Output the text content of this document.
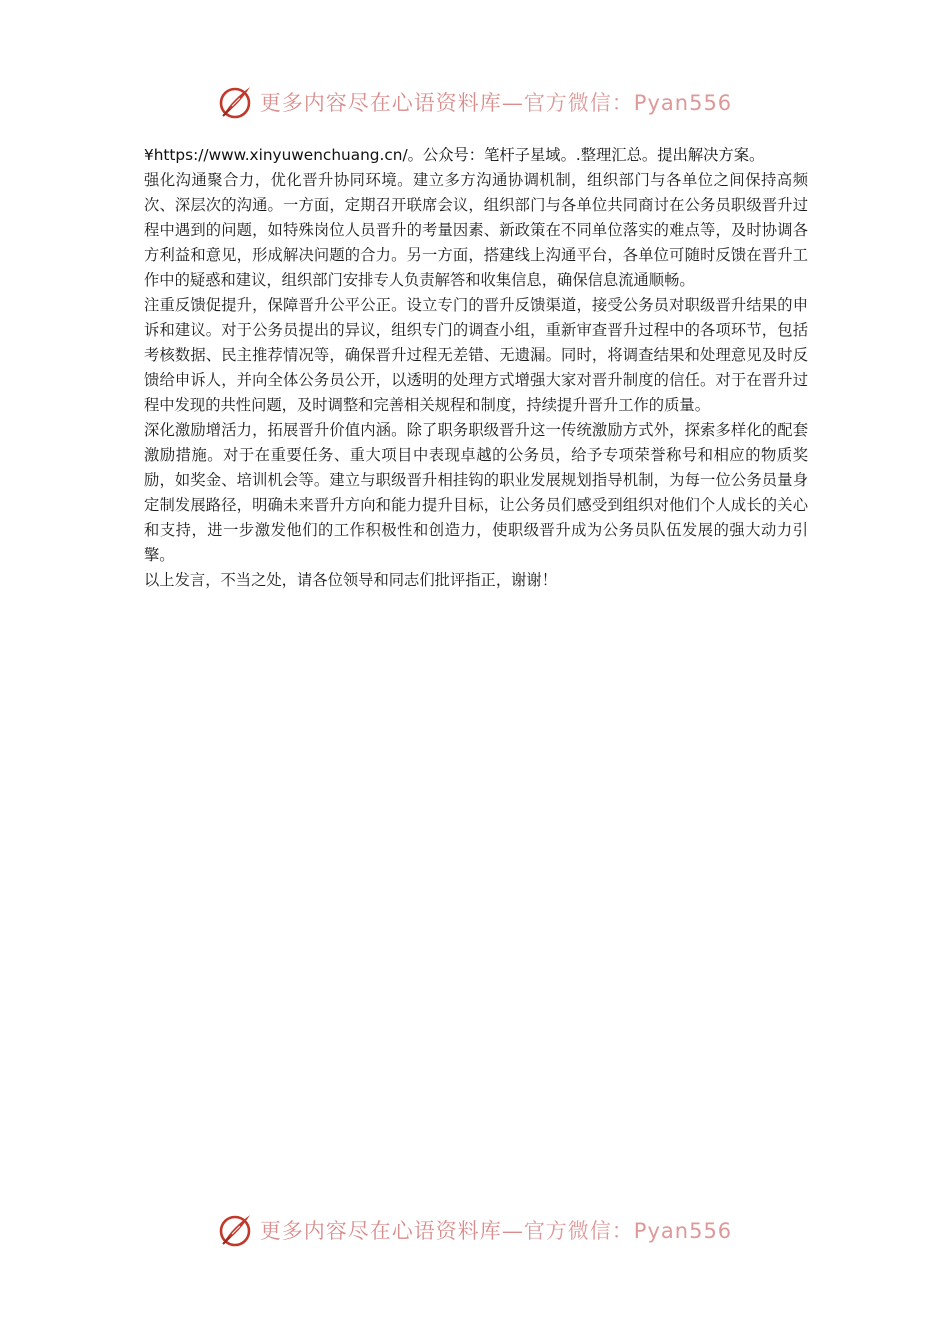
更多内容尽在心语资料库—官方微信：Pyan556

¥https://www.xinyuwenchuang.cn/。公众号：笔杆子星域。.整理汇总。提出解决方案。

强化沟通聚合力，优化晋升协同环境。建立多方沟通协调机制，组织部门与各单位之间保持高频次、深层次的沟通。一方面，定期召开联席会议，组织部门与各单位共同商讨在公务员职级晋升过程中遇到的问题，如特殊岗位人员晋升的考量因素、新政策在不同单位落实的难点等，及时协调各方利益和意见，形成解决问题的合力。另一方面，搭建线上沟通平台，各单位可随时反馈在晋升工作中的疑惑和建议，组织部门安排专人负责解答和收集信息，确保信息流通顺畅。

注重反馈促提升，保障晋升公平公正。设立专门的晋升反馈渠道，接受公务员对职级晋升结果的申诉和建议。对于公务员提出的异议，组织专门的调查小组，重新审查晋升过程中的各项环节，包括考核数据、民主推荐情况等，确保晋升过程无差错、无遗漏。同时，将调查结果和处理意见及时反馈给申诉人，并向全体公务员公开，以透明的处理方式增强大家对晋升制度的信任。对于在晋升过程中发现的共性问题，及时调整和完善相关规程和制度，持续提升晋升工作的质量。

深化激励增活力，拓展晋升价值内涵。除了职务职级晋升这一传统激励方式外，探索多样化的配套激励措施。对于在重要任务、重大项目中表现卓越的公务员，给予专项荣誉称号和相应的物质奖励，如奖金、培训机会等。建立与职级晋升相挂钩的职业发展规划指导机制，为每一位公务员量身定制发展路径，明确未来晋升方向和能力提升目标，让公务员们感受到组织对他们个人成长的关心和支持，进一步激发他们的工作积极性和创造力，使职级晋升成为公务员队伍发展的强大动力引擎。

以上发言，不当之处，请各位领导和同志们批评指正，谢谢！

更多内容尽在心语资料库—官方微信：Pyan556
